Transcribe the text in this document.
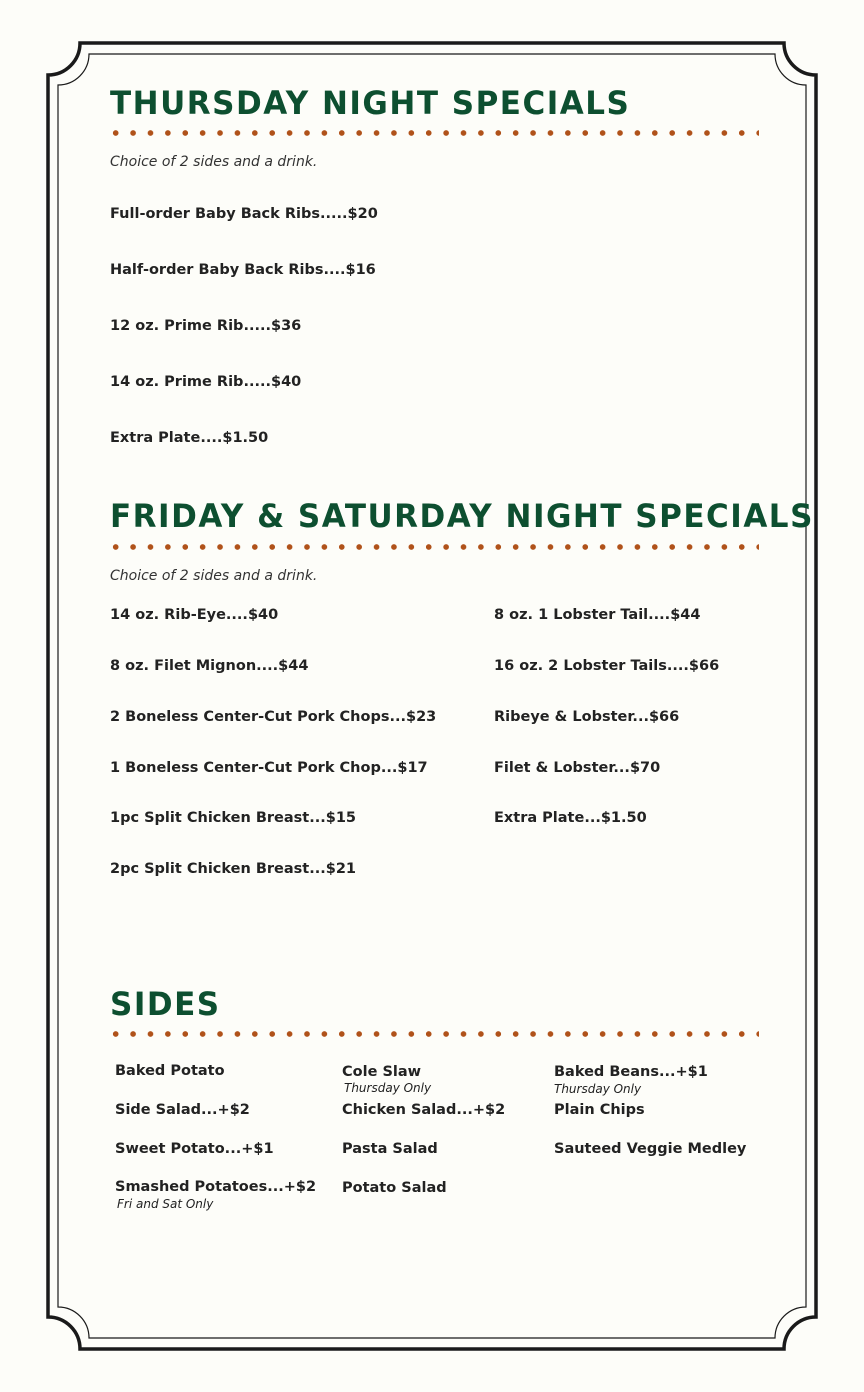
THURSDAY NIGHT SPECIALS

Choice of 2 sides and a drink.

Full-order Baby Back Ribs.....$20

Half-order Baby Back Ribs....$16

12 oz. Prime Rib.....$36

14 oz. Prime Rib.....$40

Extra Plate....$1.50

FRIDAY & SATURDAY NIGHT SPECIALS

Choice of 2 sides and a drink.

14 oz. Rib-Eye....$40

8 oz. Filet Mignon....$44

2 Boneless Center-Cut Pork Chops...$23

1 Boneless Center-Cut Pork Chop...$17

1pc Split Chicken Breast...$15

2pc Split Chicken Breast...$21

8 oz. 1 Lobster Tail....$44

16 oz. 2 Lobster Tails....$66

Ribeye & Lobster...$66

Filet & Lobster...$70

Extra Plate...$1.50

SIDES

Baked Potato

Side Salad...+$2

Sweet Potato...+$1

Smashed Potatoes...+$2

Fri and Sat Only

Cole Slaw

Thursday Only

Chicken Salad...+$2

Pasta Salad

Potato Salad

Baked Beans...+$1

Thursday Only

Plain Chips

Sauteed Veggie Medley
